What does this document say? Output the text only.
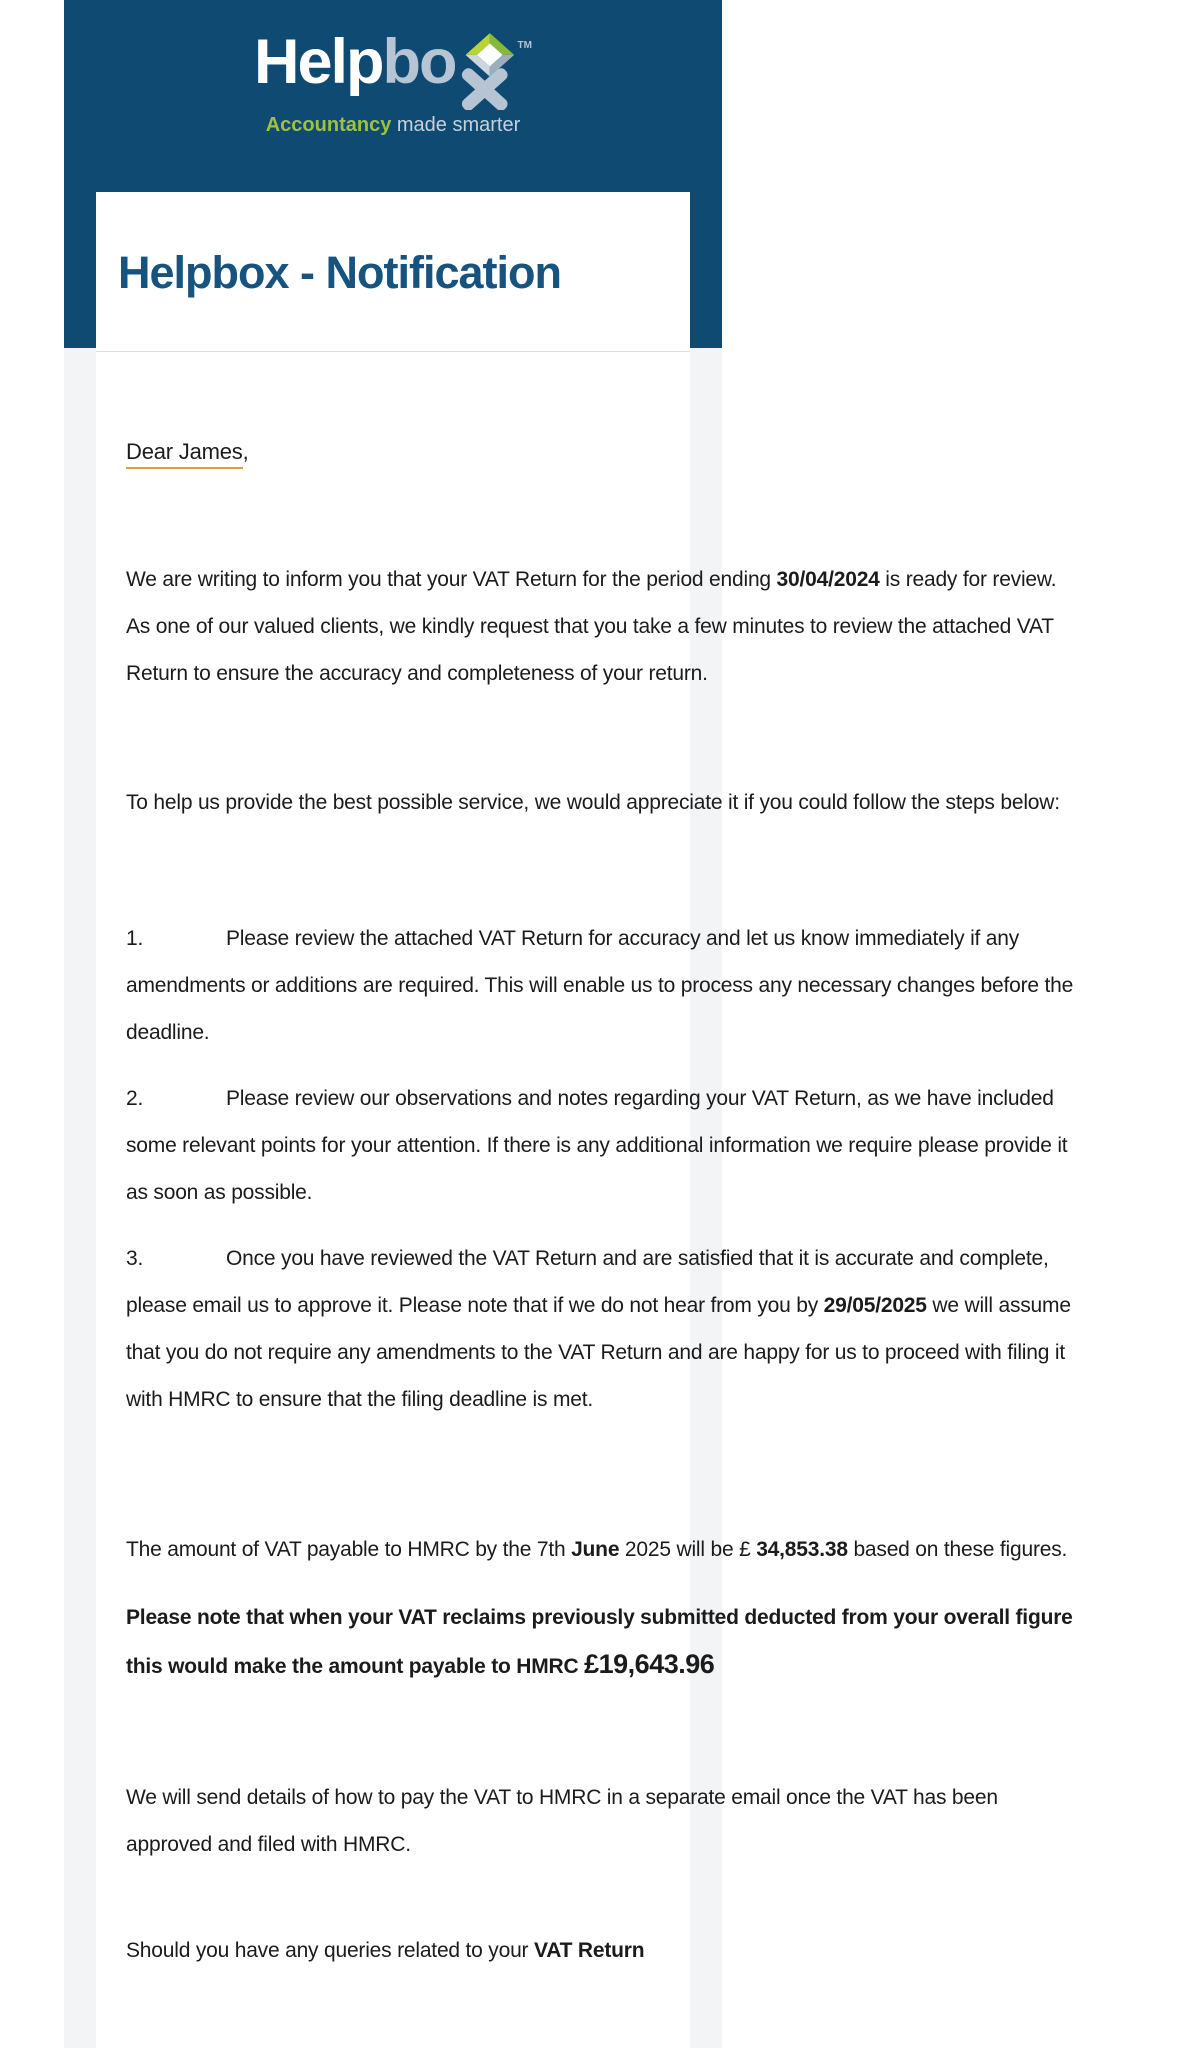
Help bo	TM
Accountancy made smarter
Helpbox - Notification

Dear James,

We are writing to inform you that your VAT Return for the period ending 30/04/2024 is ready for review. As one of our valued clients, we kindly request that you take a few minutes to review the attached VAT Return to ensure the accuracy and completeness of your return.

To help us provide the best possible service, we would appreciate it if you could follow the steps below:

1.	Please review the attached VAT Return for accuracy and let us know immediately if any amendments or additions are required. This will enable us to process any necessary changes before the deadline.

2.	Please review our observations and notes regarding your VAT Return, as we have included some relevant points for your attention. If there is any additional information we require please provide it as soon as possible.

3.	Once you have reviewed the VAT Return and are satisfied that it is accurate and complete, please email us to approve it. Please note that if we do not hear from you by 29/05/2025 we will assume that you do not require any amendments to the VAT Return and are happy for us to proceed with filing it with HMRC to ensure that the filing deadline is met.

The amount of VAT payable to HMRC by the 7th June 2025 will be £ 34,853.38 based on these figures.

Please note that when your VAT reclaims previously submitted deducted from your overall figure this would make the amount payable to HMRC £19,643.96

We will send details of how to pay the VAT to HMRC in a separate email once the VAT has been approved and filed with HMRC.

Should you have any queries related to your VAT Return
